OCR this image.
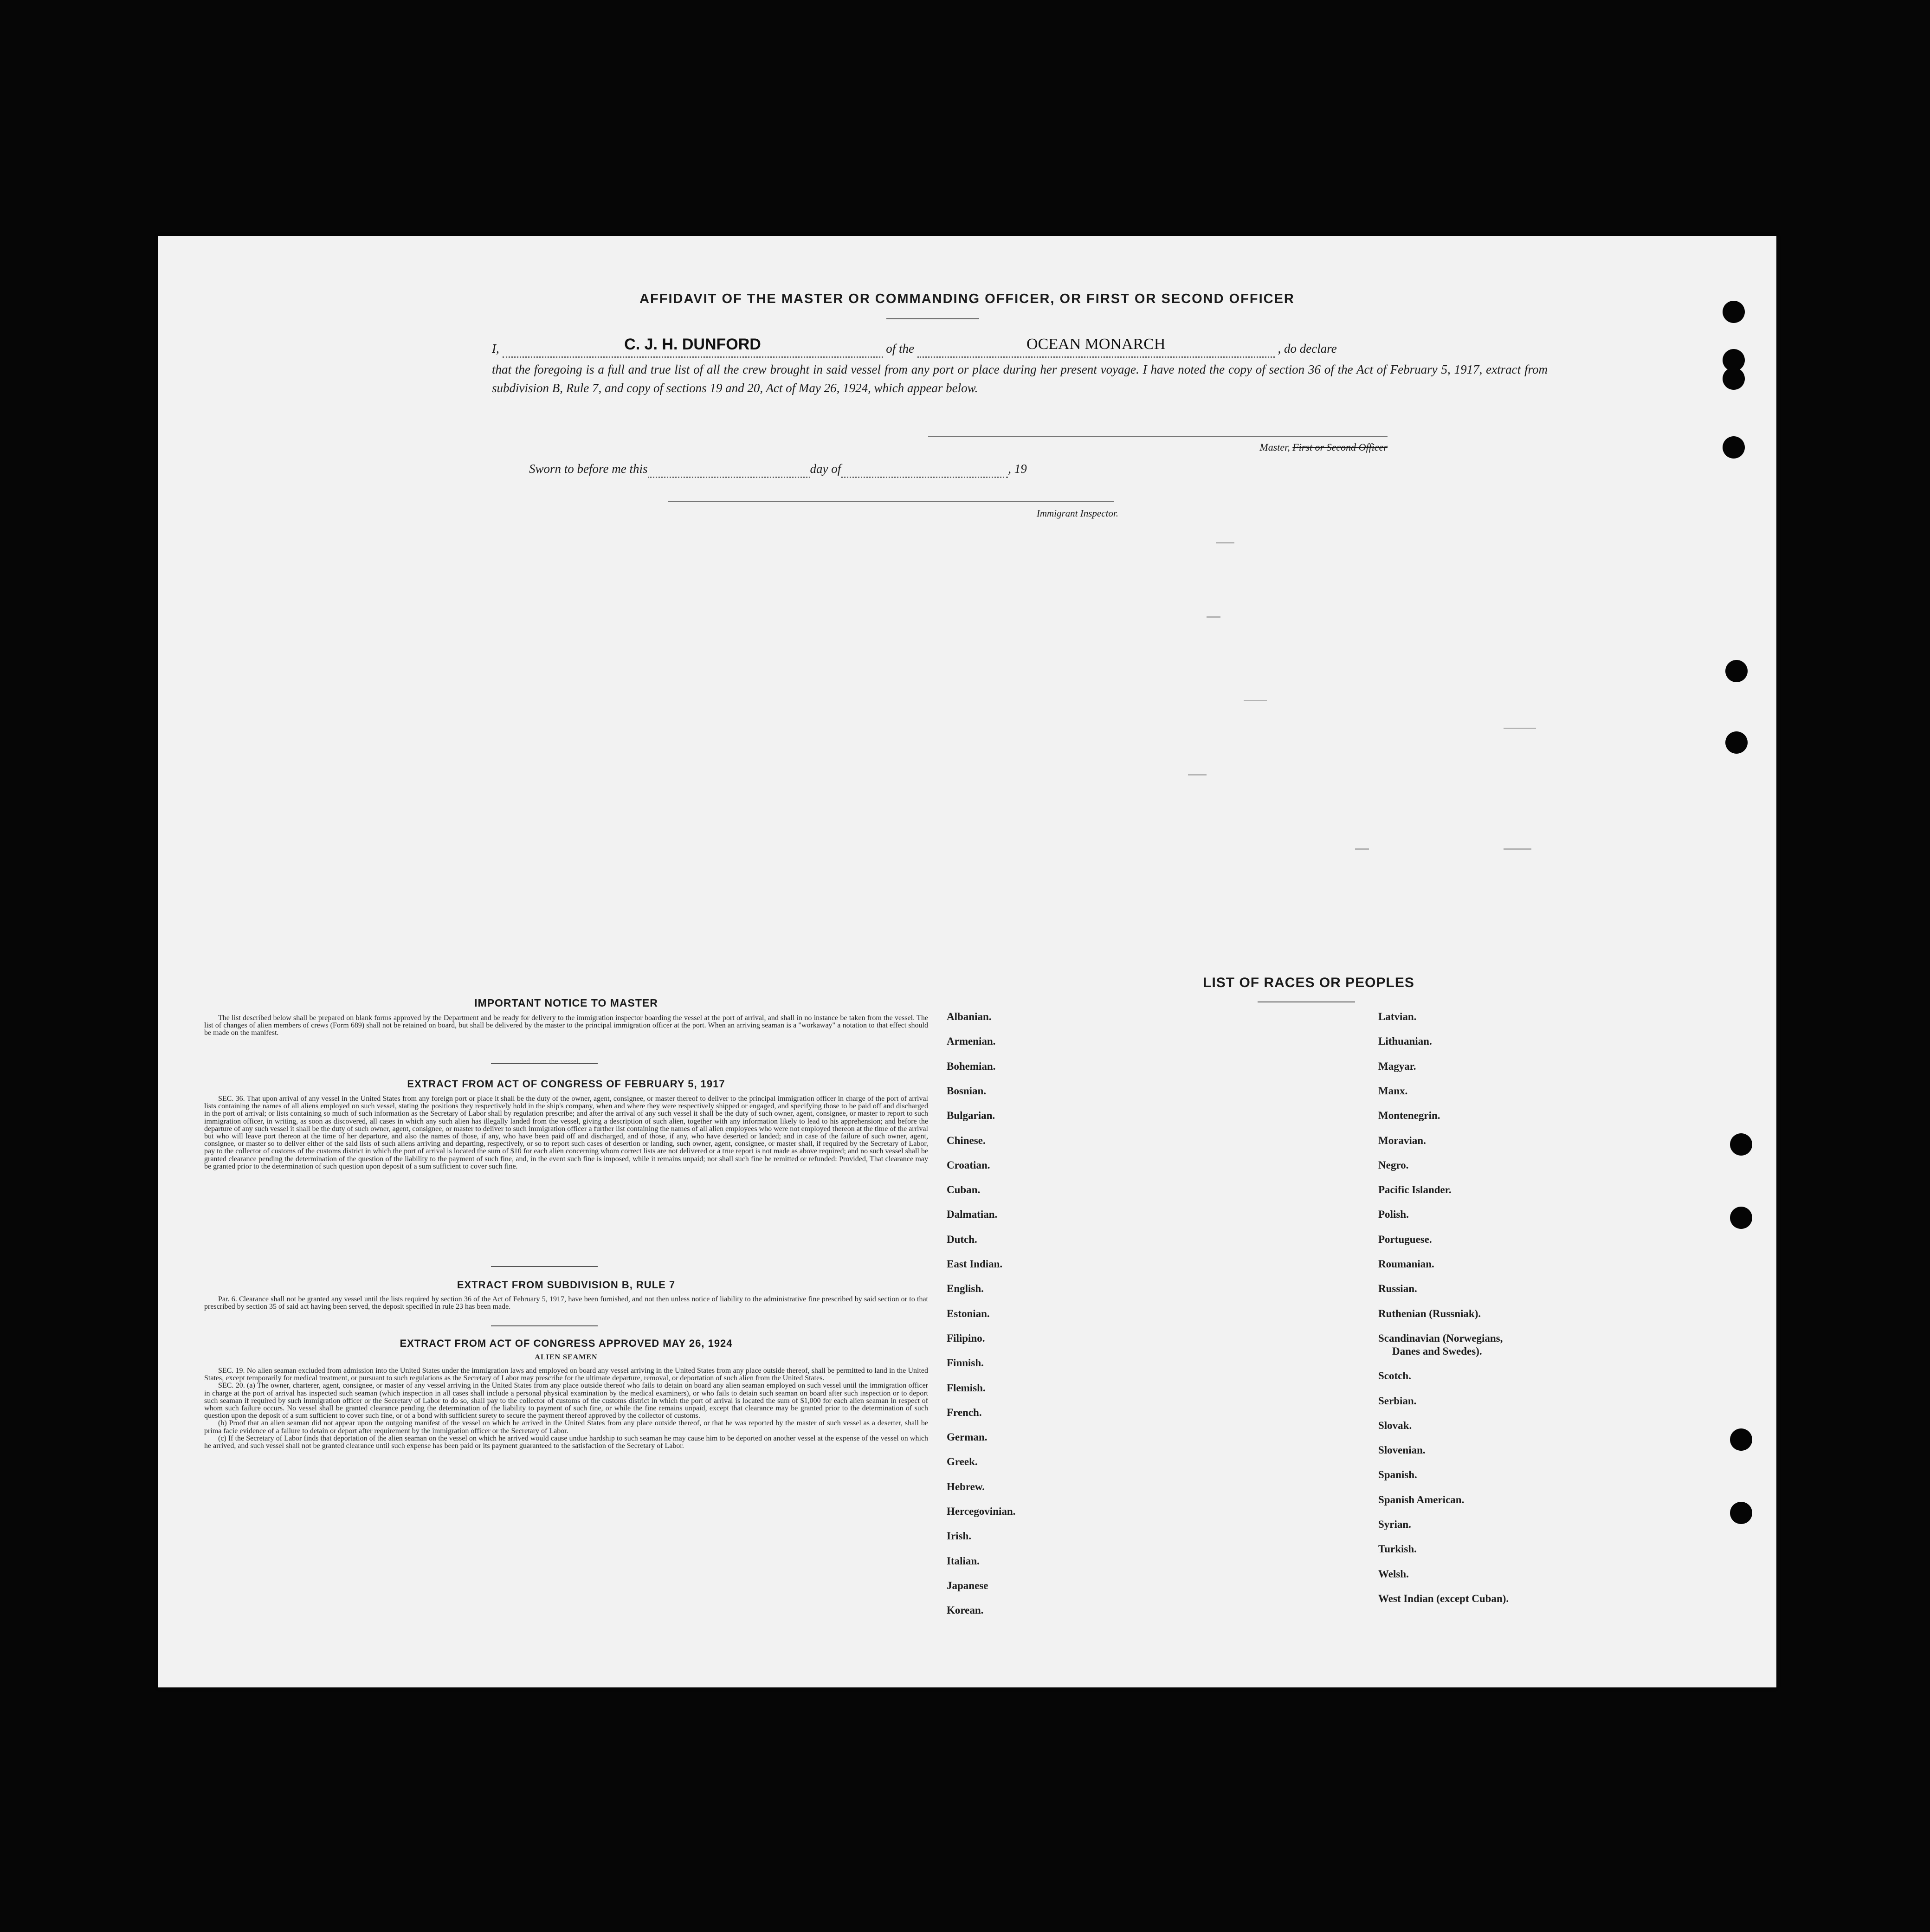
AFFIDAVIT OF THE MASTER OR COMMANDING OFFICER, OR FIRST OR SECOND OFFICER
I,	C. J. H. DUNFORD	of the	OCEAN MONARCH	, do declare
that the foregoing is a full and true list of all the crew brought in said vessel from any port or place during her present voyage. I have noted the copy of section 36 of the Act of February 5, 1917, extract from subdivision B, Rule 7, and copy of sections 19 and 20, Act of May 26, 1924, which appear below.
Master, First or Second Officer
Sworn to before me this	day of	, 19
Immigrant Inspector.
IMPORTANT NOTICE TO MASTER

The list described below shall be prepared on blank forms approved by the Department and be ready for delivery to the immigration inspector boarding the vessel at the port of arrival, and shall in no instance be taken from the vessel. The list of changes of alien members of crews (Form 689) shall not be retained on board, but shall be delivered by the master to the principal immigration officer at the port. When an arriving seaman is a "workaway" a notation to that effect should be made on the manifest.

EXTRACT FROM ACT OF CONGRESS OF FEBRUARY 5, 1917

SEC. 36. That upon arrival of any vessel in the United States from any foreign port or place it shall be the duty of the owner, agent, consignee, or master thereof to deliver to the principal immigration officer in charge of the port of arrival lists containing the names of all aliens employed on such vessel, stating the positions they respectively hold in the ship's company, when and where they were respectively shipped or engaged, and specifying those to be paid off and discharged in the port of arrival; or lists containing so much of such information as the Secretary of Labor shall by regulation prescribe; and after the arrival of any such vessel it shall be the duty of such owner, agent, consignee, or master to report to such immigration officer, in writing, as soon as discovered, all cases in which any such alien has illegally landed from the vessel, giving a description of such alien, together with any information likely to lead to his apprehension; and before the departure of any such vessel it shall be the duty of such owner, agent, consignee, or master to deliver to such immigration officer a further list containing the names of all alien employees who were not employed thereon at the time of the arrival but who will leave port thereon at the time of her departure, and also the names of those, if any, who have been paid off and discharged, and of those, if any, who have deserted or landed; and in case of the failure of such owner, agent, consignee, or master so to deliver either of the said lists of such aliens arriving and departing, respectively, or so to report such cases of desertion or landing, such owner, agent, consignee, or master shall, if required by the Secretary of Labor, pay to the collector of customs of the customs district in which the port of arrival is located the sum of $10 for each alien concerning whom correct lists are not delivered or a true report is not made as above required; and no such vessel shall be granted clearance pending the determination of the question of the liability to the payment of such fine, and, in the event such fine is imposed, while it remains unpaid; nor shall such fine be remitted or refunded: Provided, That clearance may be granted prior to the determination of such question upon deposit of a sum sufficient to cover such fine.

EXTRACT FROM SUBDIVISION B, RULE 7

Par. 6. Clearance shall not be granted any vessel until the lists required by section 36 of the Act of February 5, 1917, have been furnished, and not then unless notice of liability to the administrative fine prescribed by said section or to that prescribed by section 35 of said act having been served, the deposit specified in rule 23 has been made.

EXTRACT FROM ACT OF CONGRESS APPROVED MAY 26, 1924
ALIEN SEAMEN

SEC. 19. No alien seaman excluded from admission into the United States under the immigration laws and employed on board any vessel arriving in the United States from any place outside thereof, shall be permitted to land in the United States, except temporarily for medical treatment, or pursuant to such regulations as the Secretary of Labor may prescribe for the ultimate departure, removal, or deportation of such alien from the United States.

SEC. 20. (a) The owner, charterer, agent, consignee, or master of any vessel arriving in the United States from any place outside thereof who fails to detain on board any alien seaman employed on such vessel until the immigration officer in charge at the port of arrival has inspected such seaman (which inspection in all cases shall include a personal physical examination by the medical examiners), or who fails to detain such seaman on board after such inspection or to deport such seaman if required by such immigration officer or the Secretary of Labor to do so, shall pay to the collector of customs of the customs district in which the port of arrival is located the sum of $1,000 for each alien seaman in respect of whom such failure occurs. No vessel shall be granted clearance pending the determination of the liability to payment of such fine, or while the fine remains unpaid, except that clearance may be granted prior to the determination of such question upon the deposit of a sum sufficient to cover such fine, or of a bond with sufficient surety to secure the payment thereof approved by the collector of customs.

(b) Proof that an alien seaman did not appear upon the outgoing manifest of the vessel on which he arrived in the United States from any place outside thereof, or that he was reported by the master of such vessel as a deserter, shall be prima facie evidence of a failure to detain or deport after requirement by the immigration officer or the Secretary of Labor.

(c) If the Secretary of Labor finds that deportation of the alien seaman on the vessel on which he arrived would cause undue hardship to such seaman he may cause him to be deported on another vessel at the expense of the vessel on which he arrived, and such vessel shall not be granted clearance until such expense has been paid or its payment guaranteed to the satisfaction of the Secretary of Labor.

LIST OF RACES OR PEOPLES
Albanian.
Armenian.
Bohemian.
Bosnian.
Bulgarian.
Chinese.
Croatian.
Cuban.
Dalmatian.
Dutch.
East Indian.
English.
Estonian.
Filipino.
Finnish.
Flemish.
French.
German.
Greek.
Hebrew.
Hercegovinian.
Irish.
Italian.
Japanese
Korean.
Latvian.
Lithuanian.
Magyar.
Manx.
Montenegrin.
Moravian.
Negro.
Pacific Islander.
Polish.
Portuguese.
Roumanian.
Russian.
Ruthenian (Russniak).
Scandinavian (Norwegians,
Scotch.
Serbian.
Slovak.
Slovenian.
Spanish.
Spanish American.
Syrian.
Turkish.
Welsh.
West Indian (except Cuban).
Danes and Swedes).
